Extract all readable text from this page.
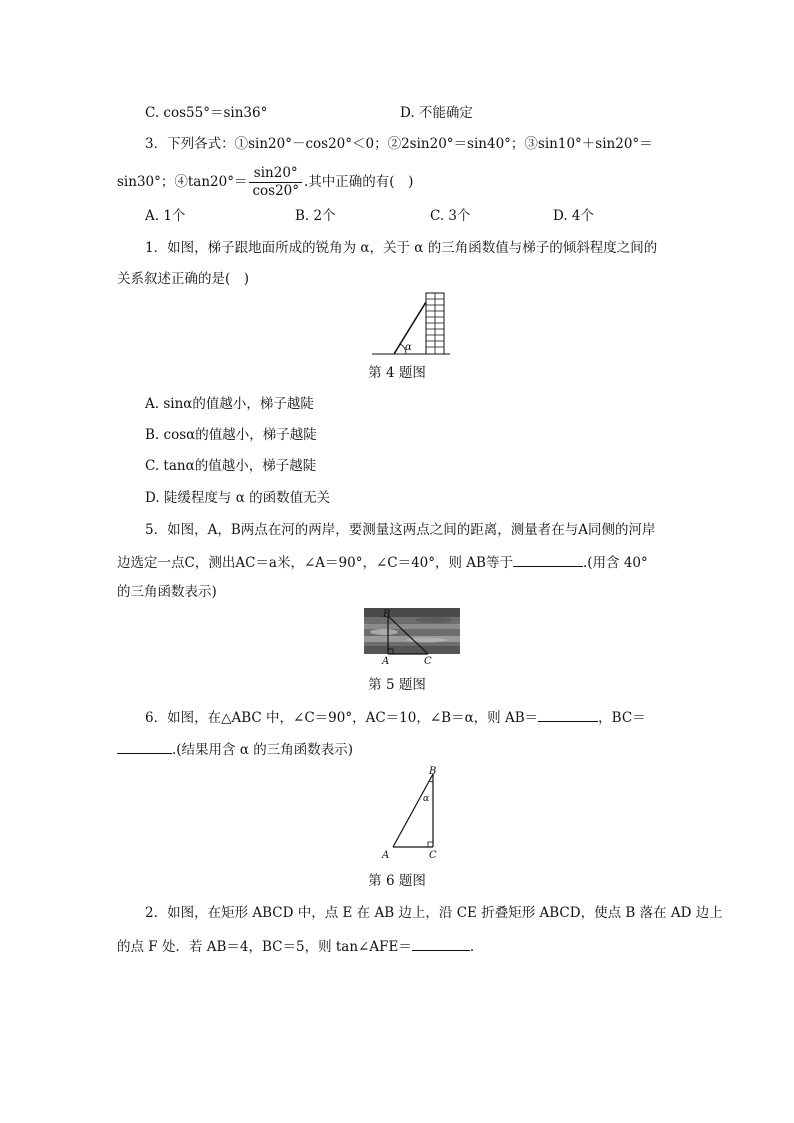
C. cos55°＝sin36°	D. 不能确定
3．下列各式：①sin20°－cos20°＜0；②2sin20°＝sin40°；③sin10°＋sin20°＝
sin30°；④tan20°＝ $\frac{\sin 20^\circ}{\cos 20^\circ}$ .其中正确的有(　)
A. 1个	B. 2个	C. 3个	D. 4个
1．如图，梯子跟地面所成的锐角为 α，关于 α 的三角函数值与梯子的倾斜程度之间的
关系叙述正确的是(　)
α
第 4 题图
A. sinα的值越小，梯子越陡
B. cosα的值越小，梯子越陡
C. tanα的值越小，梯子越陡
D. 陡缓程度与 α 的函数值无关
5．如图，A，B两点在河的两岸，要测量这两点之间的距离，测量者在与A同侧的河岸
边选定一点C，测出AC＝a米，∠A＝90°，∠C＝40°，则 AB等于	.(用含 40°
的三角函数表示)
B
A	C
第 5 题图
6．如图，在△ABC 中，∠C＝90°，AC＝10，∠B＝α，则 AB＝	，BC＝
.(结果用含 α 的三角函数表示)
B
α
A	C
第 6 题图
2．如图，在矩形 ABCD 中，点 E 在 AB 边上，沿 CE 折叠矩形 ABCD，使点 B 落在 AD 边上
的点 F 处．若 AB＝4，BC＝5，则 tan∠AFE＝	.
